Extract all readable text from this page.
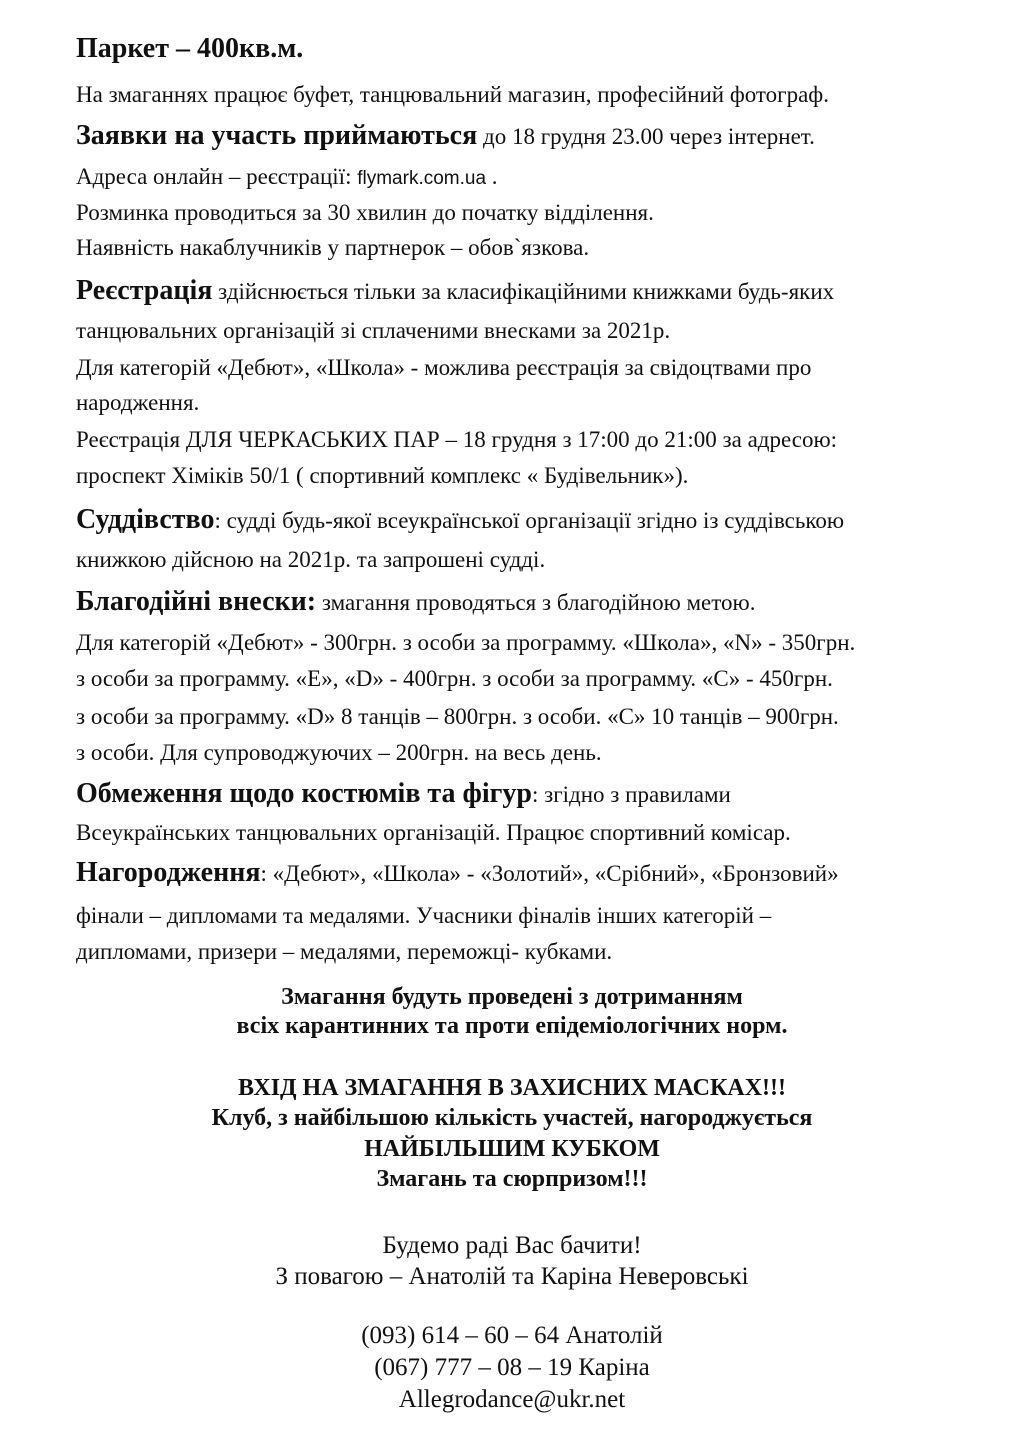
Паркет – 400кв.м.
На змаганнях працює буфет, танцювальний магазин, професійний фотограф.
Заявки на участь приймаються до 18 грудня 23.00 через інтернет.
Адреса онлайн – реєстрації: flymark.com.ua .
Розминка проводиться за 30 хвилин до початку відділення.
Наявність накаблучників у партнерок – обов`язкова.
Реєстрація здійснюється тільки за класифікаційними книжками будь-яких
танцювальних організацій зі сплаченими внесками за 2021р.
Для категорій «Дебют», «Школа» - можлива реєстрація за свідоцтвами про
народження.
Реєстрація ДЛЯ ЧЕРКАСЬКИХ ПАР – 18 грудня з 17:00 до 21:00 за адресою:
проспект Хіміків 50/1 ( спортивний комплекс « Будівельник»).
Суддівство: судді будь-якої всеукраїнської організації згідно із суддівською
книжкою дійсною на 2021р. та запрошені судді.
Благодійні внески: змагання проводяться з благодійною метою.
Для категорій «Дебют» - 300грн. з особи за программу. «Школа», «N» - 350грн.
з особи за программу. «E», «D» - 400грн. з особи за программу. «С» - 450грн.
з особи за программу. «D» 8 танців – 800грн. з особи. «С» 10 танців – 900грн.
з особи. Для супроводжуючих – 200грн. на весь день.
Обмеження щодо костюмів та фігур: згідно з правилами
Всеукраїнських танцювальних організацій. Працює спортивний комісар.
Нагородження: «Дебют», «Школа» - «Золотий», «Срібний», «Бронзовий»
фінали – дипломами та медалями. Учасники фіналів інших категорій –
дипломами, призери – медалями, переможці- кубками.
Змагання будуть проведені з дотриманням
всіх карантинних та проти епідеміологічних норм.
ВХІД НА ЗМАГАННЯ В ЗАХИСНИХ МАСКАХ!!!
Клуб, з найбільшою кількість участей, нагороджується
НАЙБІЛЬШИМ КУБКОМ
Змагань та сюрпризом!!!
Будемо раді Вас бачити!
З повагою – Анатолій та Каріна Неверовські
(093) 614 – 60 – 64 Анатолій
(067) 777 – 08 – 19 Каріна
Allegrodance@ukr.net
